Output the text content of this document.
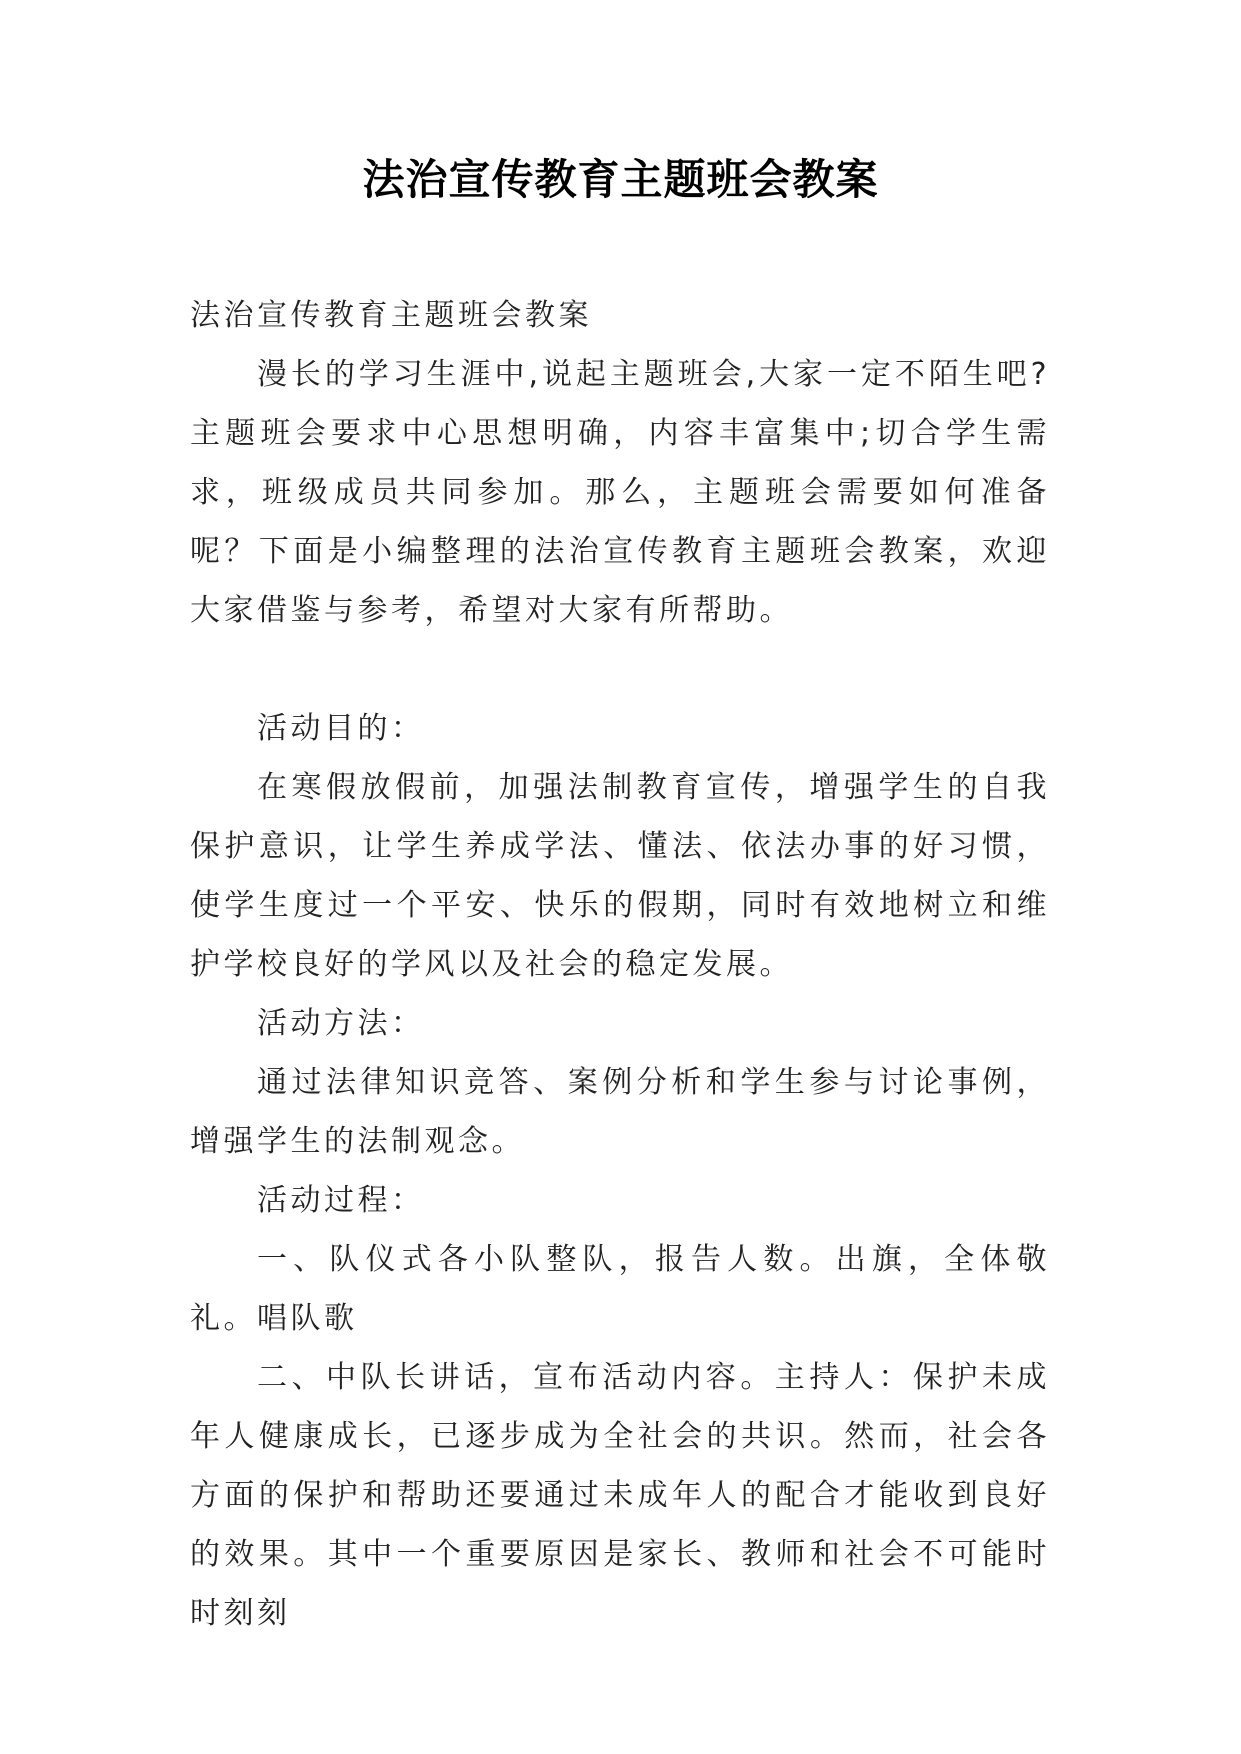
法治宣传教育主题班会教案

法治宣传教育主题班会教案

漫长的学习生涯中,说起主题班会,大家一定不陌生吧?主题班会要求中心思想明确，内容丰富集中;切合学生需求，班级成员共同参加。那么，主题班会需要如何准备呢？下面是小编整理的法治宣传教育主题班会教案，欢迎大家借鉴与参考，希望对大家有所帮助。

活动目的：

在寒假放假前，加强法制教育宣传，增强学生的自我保护意识，让学生养成学法、懂法、依法办事的好习惯，使学生度过一个平安、快乐的假期，同时有效地树立和维护学校良好的学风以及社会的稳定发展。

活动方法：

通过法律知识竞答、案例分析和学生参与讨论事例，增强学生的法制观念。

活动过程：

一、队仪式各小队整队，报告人数。出旗，全体敬礼。唱队歌

二、中队长讲话，宣布活动内容。主持人：保护未成年人健康成长，已逐步成为全社会的共识。然而，社会各方面的保护和帮助还要通过未成年人的配合才能收到良好的效果。其中一个重要原因是家长、教师和社会不可能时时刻刻
